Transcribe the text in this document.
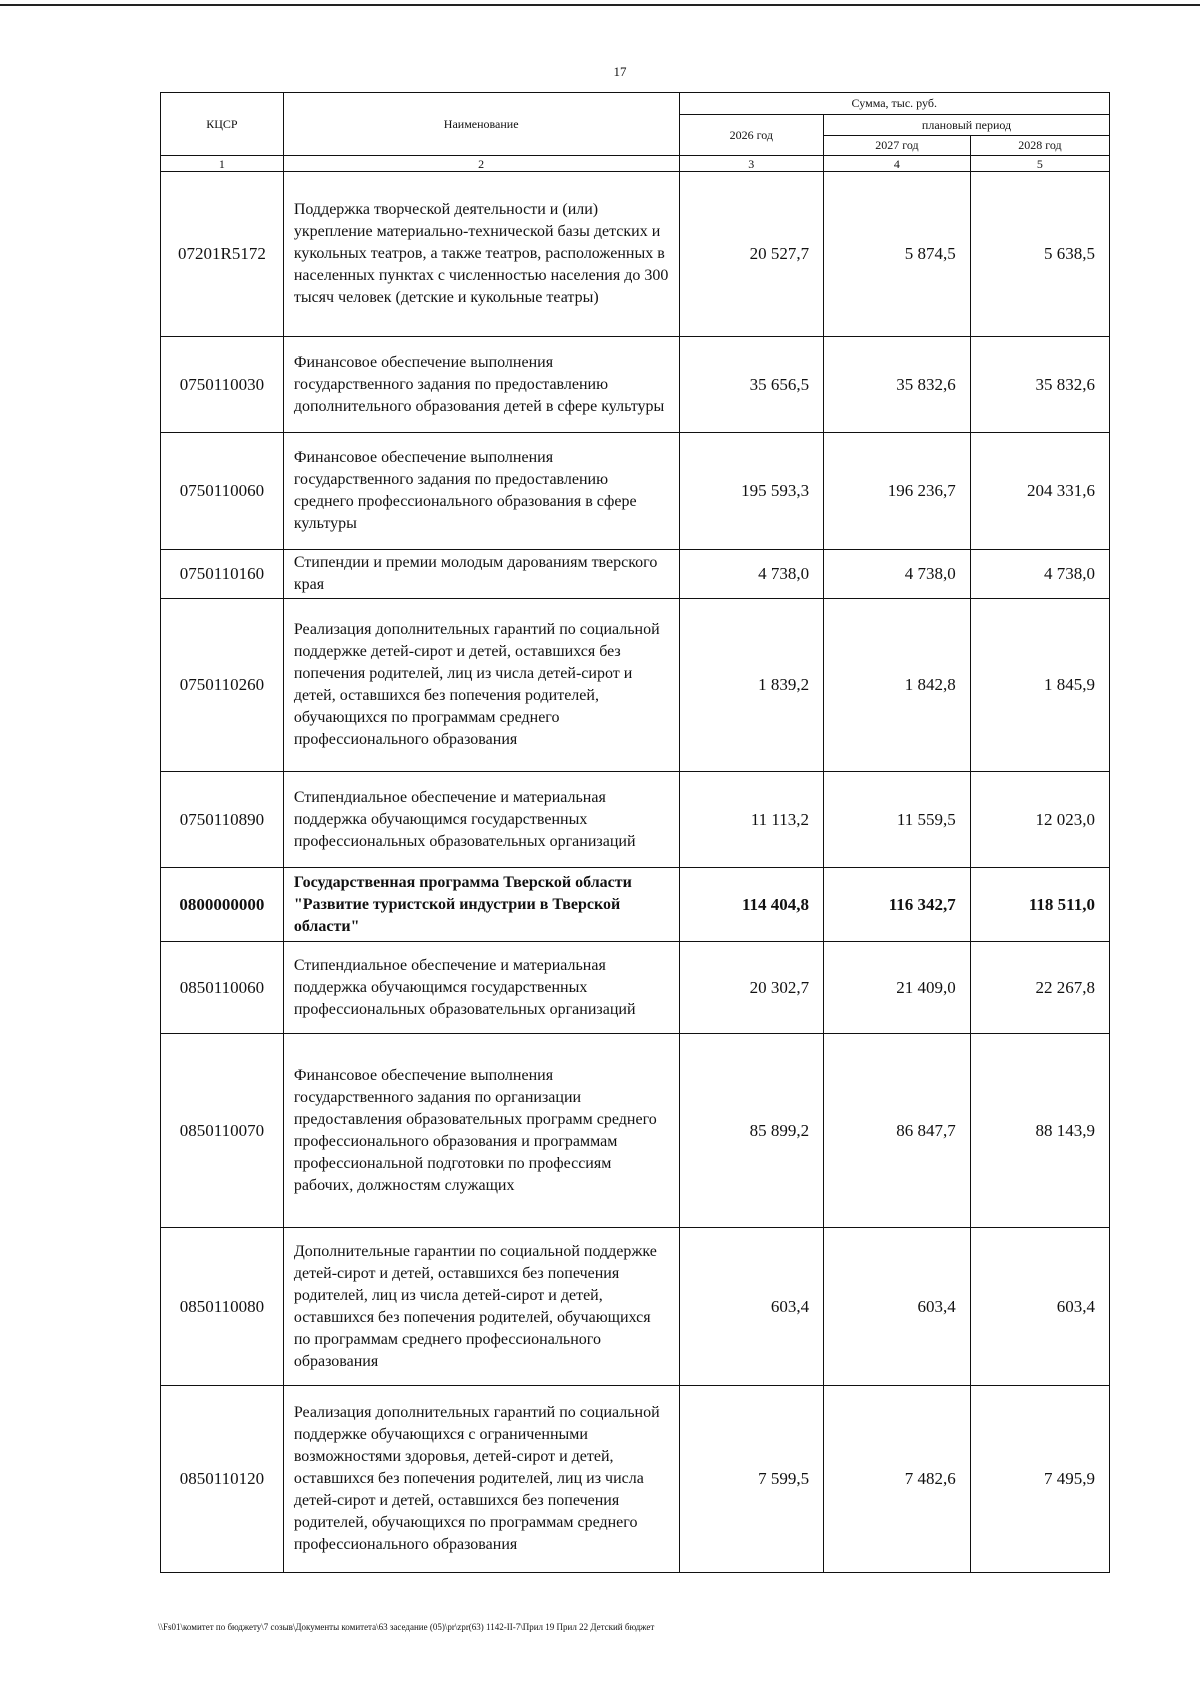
17
КЦСР	Наименование	Сумма, тыс. руб.		
		2026 год	плановый период	
			2027 год	2028 год
1	2	3	4	5
07201R5172	Поддержка творческой деятельности и (или) укрепление материально-технической базы детских и кукольных театров, а также театров, расположенных в населенных пунктах с численностью населения до 300 тысяч человек (детские и кукольные театры)	20 527,7	5 874,5	5 638,5
0750110030	Финансовое обеспечение выполнения государственного задания по предоставлению дополнительного образования детей в сфере культуры	35 656,5	35 832,6	35 832,6
0750110060	Финансовое обеспечение выполнения государственного задания по предоставлению среднего профессионального образования в сфере культуры	195 593,3	196 236,7	204 331,6
0750110160	Стипендии и премии молодым дарованиям тверского края	4 738,0	4 738,0	4 738,0
0750110260	Реализация дополнительных гарантий по социальной поддержке детей-сирот и детей, оставшихся без попечения родителей, лиц из числа детей-сирот и детей, оставшихся без попечения родителей, обучающихся по программам среднего профессионального образования	1 839,2	1 842,8	1 845,9
0750110890	Стипендиальное обеспечение и материальная поддержка обучающимся государственных профессиональных образовательных организаций	11 113,2	11 559,5	12 023,0
0800000000	Государственная программа Тверской области "Развитие туристской индустрии в Тверской области"	114 404,8	116 342,7	118 511,0
0850110060	Стипендиальное обеспечение и материальная поддержка обучающимся государственных профессиональных образовательных организаций	20 302,7	21 409,0	22 267,8
0850110070	Финансовое обеспечение выполнения государственного задания по организации предоставления образовательных программ среднего профессионального образования и программам профессиональной подготовки по профессиям рабочих, должностям служащих	85 899,2	86 847,7	88 143,9
0850110080	Дополнительные гарантии по социальной поддержке детей-сирот и детей, оставшихся без попечения родителей, лиц из числа детей-сирот и детей, оставшихся без попечения родителей, обучающихся по программам среднего профессионального образования	603,4	603,4	603,4
0850110120	Реализация дополнительных гарантий по социальной поддержке обучающихся с ограниченными возможностями здоровья, детей-сирот и детей, оставшихся без попечения родителей, лиц из числа детей-сирот и детей, оставшихся без попечения родителей, обучающихся по программам среднего профессионального образования	7 599,5	7 482,6	7 495,9
\\Fs01\комитет по бюджету\7 созыв\Документы комитета\63 заседание (05)\pr\zpr(63) 1142-II-7\Прил 19 Прил 22 Детский бюджет
